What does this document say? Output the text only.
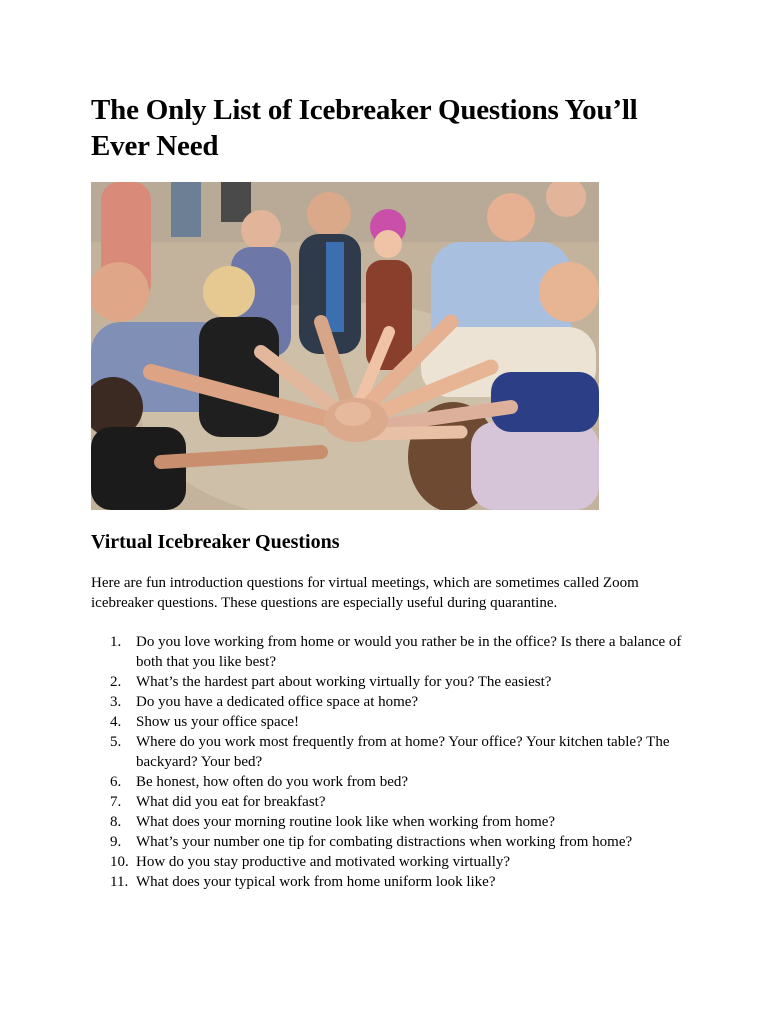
The Only List of Icebreaker Questions You’ll Ever Need
Virtual Icebreaker Questions

Here are fun introduction questions for virtual meetings, which are sometimes called Zoom icebreaker questions. These questions are especially useful during quarantine.

1. Do you love working from home or would you rather be in the office? Is there a balance of both that you like best?
2. What’s the hardest part about working virtually for you? The easiest?
3. Do you have a dedicated office space at home?
4. Show us your office space!
5. Where do you work most frequently from at home? Your office? Your kitchen table? The backyard? Your bed?
6. Be honest, how often do you work from bed?
7. What did you eat for breakfast?
8. What does your morning routine look like when working from home?
9. What’s your number one tip for combating distractions when working from home?
10. How do you stay productive and motivated working virtually?
11. What does your typical work from home uniform look like?
